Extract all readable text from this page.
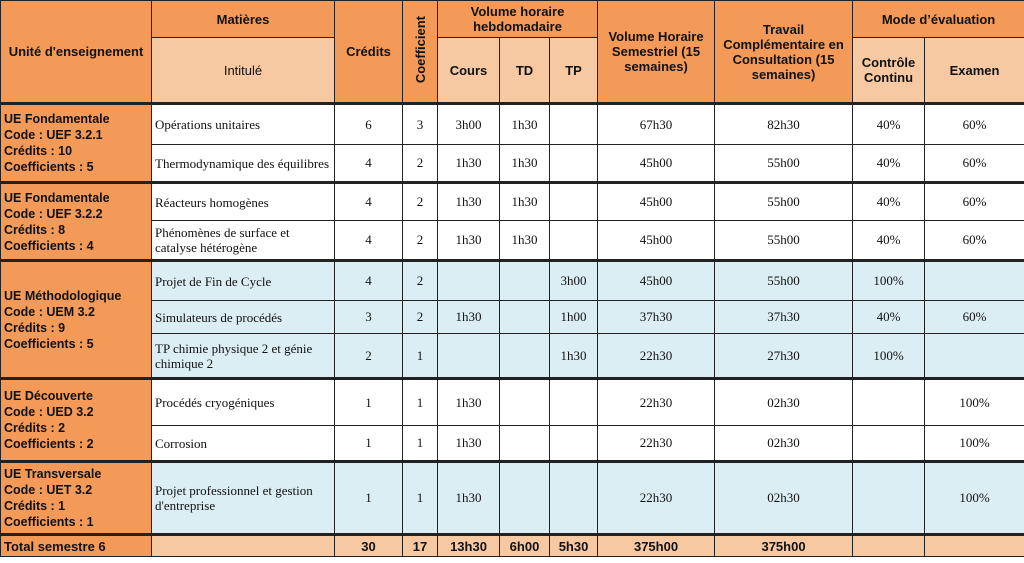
Unité d'enseignement	Matières	Crédits	Coefficient	Volume horaire hebdomadaire			Volume Horaire Semestriel (15 semaines)	Travail Complémentaire en Consultation (15 semaines)	Mode d’évaluation	
	Intitulé			Cours	TD	TP			Contrôle Continu	Examen

UE Fondamentale
Code : UEF 3.2.1
Crédits : 10
Coefficients : 5	Opérations unitaires	6	3	3h00	1h30		67h30	82h30	40%	60%
	Thermodynamique des équilibres	4	2	1h30	1h30		45h00	55h00	40%	60%

UE Fondamentale
Code : UEF 3.2.2
Crédits : 8
Coefficients : 4	Réacteurs homogènes	4	2	1h30	1h30		45h00	55h00	40%	60%
	Phénomènes de surface et catalyse hétérogène	4	2	1h30	1h30		45h00	55h00	40%	60%

UE Méthodologique
Code : UEM 3.2
Crédits : 9
Coefficients : 5	Projet de Fin de Cycle	4	2			3h00	45h00	55h00	100%	
	Simulateurs de procédés	3	2	1h30		1h00	37h30	37h30	40%	60%
	TP chimie physique 2 et génie chimique 2	2	1			1h30	22h30	27h30	100%	

UE Découverte
Code : UED 3.2
Crédits : 2
Coefficients : 2	Procédés cryogéniques	1	1	1h30			22h30	02h30		100%
	Corrosion	1	1	1h30			22h30	02h30		100%

UE Transversale
Code : UET 3.2
Crédits : 1
Coefficients : 1	Projet professionnel et gestion d'entreprise	1	1	1h30			22h30	02h30		100%
Total semestre 6		30	17	13h30	6h00	5h30	375h00	375h00		
